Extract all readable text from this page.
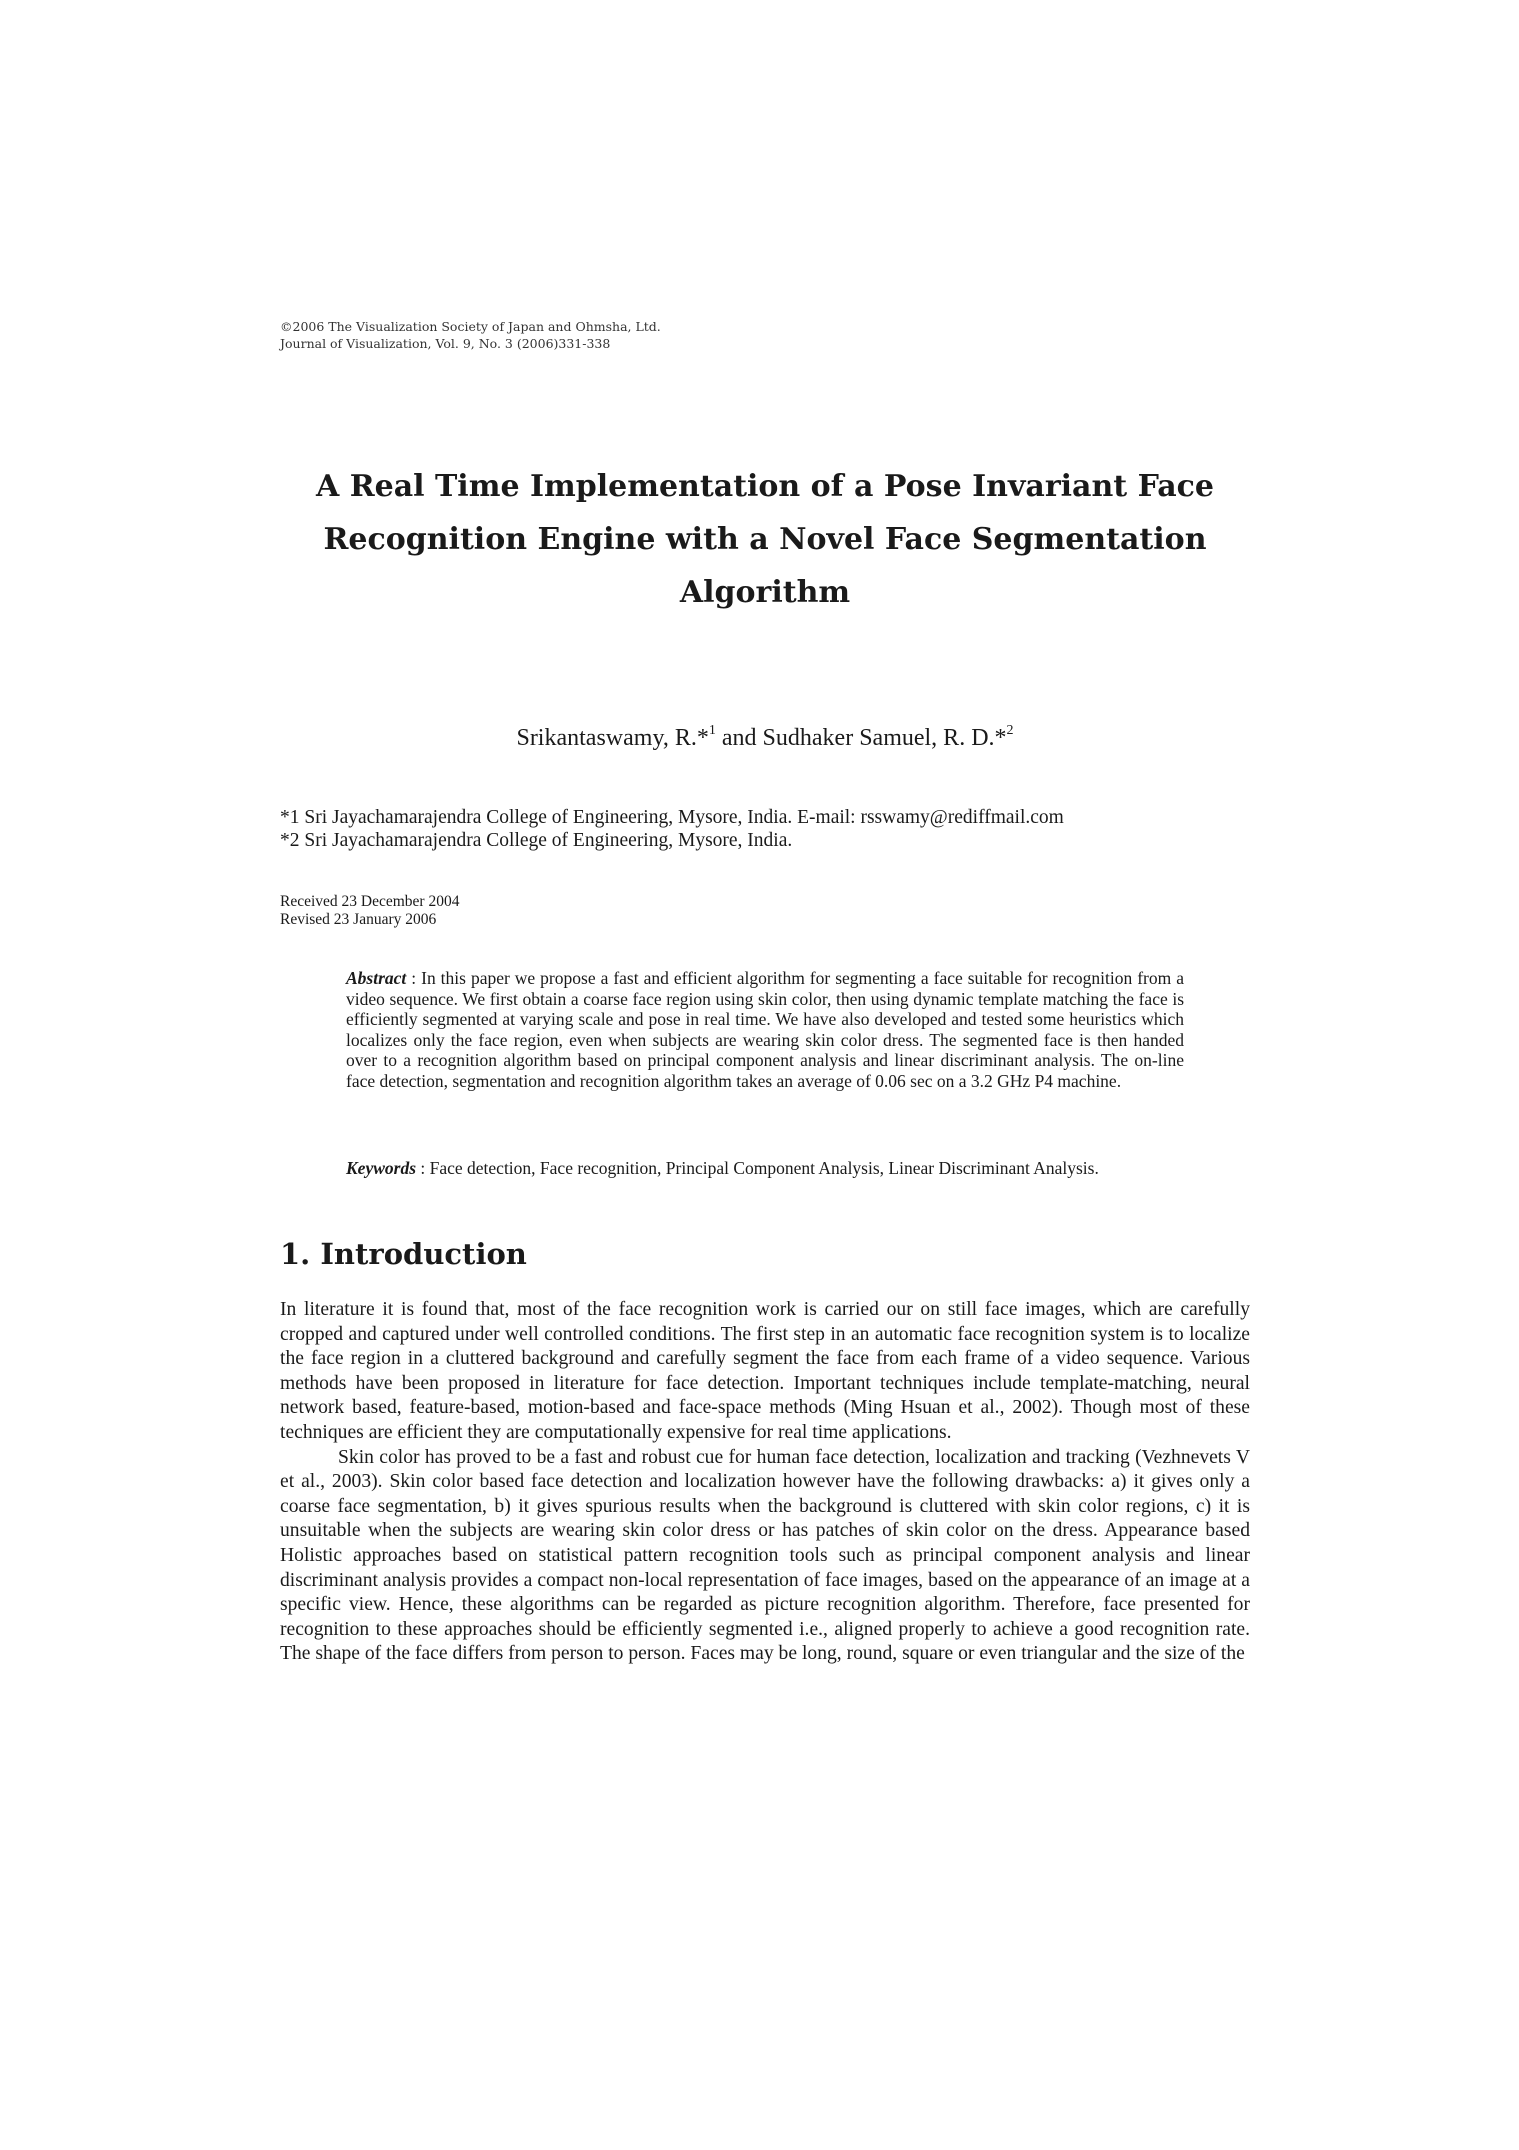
©2006 The Visualization Society of Japan and Ohmsha, Ltd.
Journal of Visualization, Vol. 9, No. 3 (2006)331-338
A Real Time Implementation of a Pose Invariant Face
Recognition Engine with a Novel Face Segmentation
Algorithm
Srikantaswamy, R.*$^1$ and Sudhaker Samuel, R. D.*$^2$
*1 Sri Jayachamarajendra College of Engineering, Mysore, India. E-mail: rsswamy@rediffmail.com
*2 Sri Jayachamarajendra College of Engineering, Mysore, India.
Received 23 December 2004
Revised 23 January 2006
Abstract : In this paper we propose a fast and efficient algorithm for segmenting a face suitable for recognition from a video sequence. We first obtain a coarse face region using skin color, then using dynamic template matching the face is efficiently segmented at varying scale and pose in real time. We have also developed and tested some heuristics which localizes only the face region, even when subjects are wearing skin color dress. The segmented face is then handed over to a recognition algorithm based on principal component analysis and linear discriminant analysis. The on-line face detection, segmentation and recognition algorithm takes an average of 0.06 sec on a 3.2 GHz P4 machine.
Keywords : Face detection, Face recognition, Principal Component Analysis, Linear Discriminant Analysis.
1. Introduction

In literature it is found that, most of the face recognition work is carried our on still face images, which are carefully cropped and captured under well controlled conditions. The first step in an automatic face recognition system is to localize the face region in a cluttered background and carefully segment the face from each frame of a video sequence. Various methods have been proposed in literature for face detection. Important techniques include template-matching, neural network based, feature-based, motion-based and face-space methods (Ming Hsuan et al., 2002). Though most of these techniques are efficient they are computationally expensive for real time applications.

Skin color has proved to be a fast and robust cue for human face detection, localization and tracking (Vezhnevets V et al., 2003). Skin color based face detection and localization however have the following drawbacks: a) it gives only a coarse face segmentation, b) it gives spurious results when the background is cluttered with skin color regions, c) it is unsuitable when the subjects are wearing skin color dress or has patches of skin color on the dress. Appearance based Holistic approaches based on statistical pattern recognition tools such as principal component analysis and linear discriminant analysis provides a compact non-local representation of face images, based on the appearance of an image at a specific view. Hence, these algorithms can be regarded as picture recognition algorithm. Therefore, face presented for recognition to these approaches should be efficiently segmented i.e., aligned properly to achieve a good recognition rate. The shape of the face differs from person to person. Faces may be long, round, square or even triangular and the size of the
